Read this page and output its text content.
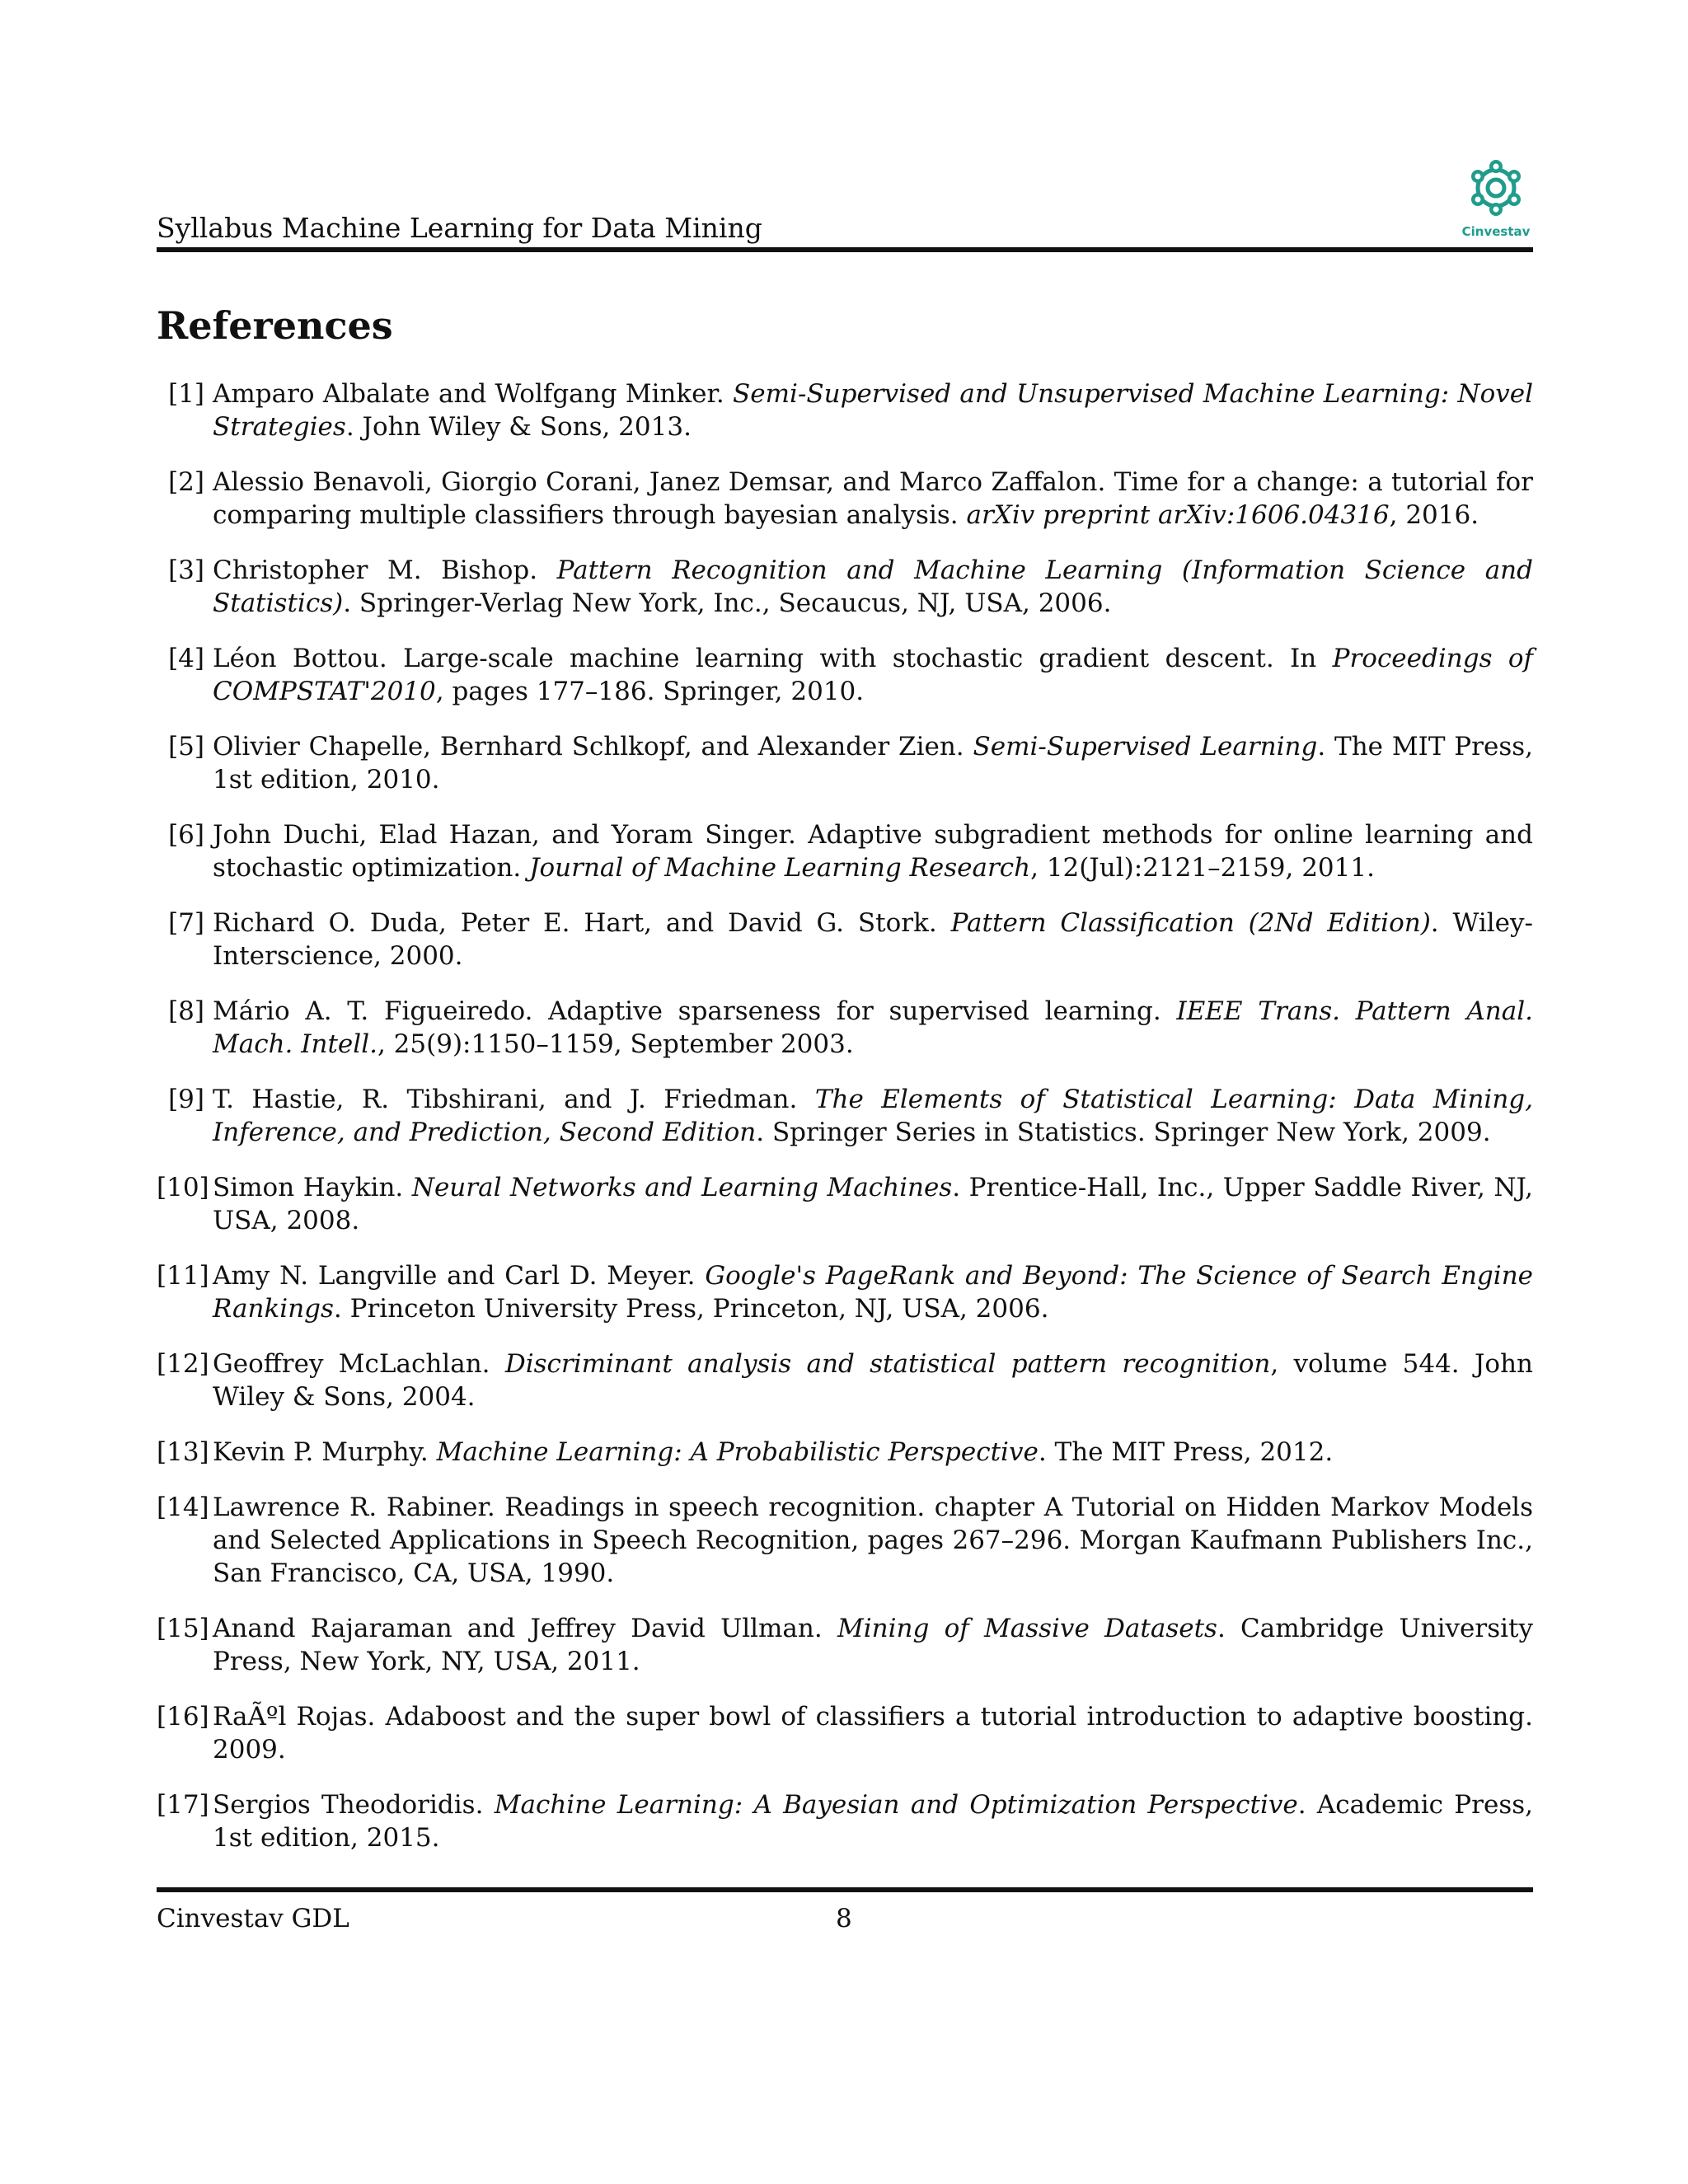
Syllabus Machine Learning for Data Mining	Cinvestav
References
[1] Amparo Albalate and Wolfgang Minker. Semi-Supervised and Unsupervised Machine Learning: Novel Strategies. John Wiley & Sons, 2013.
[2] Alessio Benavoli, Giorgio Corani, Janez Demsar, and Marco Zaffalon. Time for a change: a tutorial for comparing multiple classifiers through bayesian analysis. arXiv preprint arXiv:1606.04316, 2016.
[3] Christopher M. Bishop. Pattern Recognition and Machine Learning (Information Science and Statistics). Springer-Verlag New York, Inc., Secaucus, NJ, USA, 2006.
[4] Léon Bottou. Large-scale machine learning with stochastic gradient descent. In Proceedings of COMPSTAT'2010, pages 177–186. Springer, 2010.
[5] Olivier Chapelle, Bernhard Schlkopf, and Alexander Zien. Semi-Supervised Learning. The MIT Press, 1st edition, 2010.
[6] John Duchi, Elad Hazan, and Yoram Singer. Adaptive subgradient methods for online learning and stochastic optimization. Journal of Machine Learning Research, 12(Jul):2121–2159, 2011.
[7] Richard O. Duda, Peter E. Hart, and David G. Stork. Pattern Classification (2Nd Edition). Wiley-Interscience, 2000.
[8] Mário A. T. Figueiredo. Adaptive sparseness for supervised learning. IEEE Trans. Pattern Anal. Mach. Intell., 25(9):1150–1159, September 2003.
[9] T. Hastie, R. Tibshirani, and J. Friedman. The Elements of Statistical Learning: Data Mining, Inference, and Prediction, Second Edition. Springer Series in Statistics. Springer New York, 2009.
[10] Simon Haykin. Neural Networks and Learning Machines. Prentice-Hall, Inc., Upper Saddle River, NJ, USA, 2008.
[11] Amy N. Langville and Carl D. Meyer. Google's PageRank and Beyond: The Science of Search Engine Rankings. Princeton University Press, Princeton, NJ, USA, 2006.
[12] Geoffrey McLachlan. Discriminant analysis and statistical pattern recognition, volume 544. John Wiley & Sons, 2004.
[13] Kevin P. Murphy. Machine Learning: A Probabilistic Perspective. The MIT Press, 2012.
[14] Lawrence R. Rabiner. Readings in speech recognition. chapter A Tutorial on Hidden Markov Models and Selected Applications in Speech Recognition, pages 267–296. Morgan Kaufmann Publishers Inc., San Francisco, CA, USA, 1990.
[15] Anand Rajaraman and Jeffrey David Ullman. Mining of Massive Datasets. Cambridge University Press, New York, NY, USA, 2011.
[16] RaÃºl Rojas. Adaboost and the super bowl of classifiers a tutorial introduction to adaptive boosting. 2009.
[17] Sergios Theodoridis. Machine Learning: A Bayesian and Optimization Perspective. Academic Press, 1st edition, 2015.
Cinvestav GDL	8
